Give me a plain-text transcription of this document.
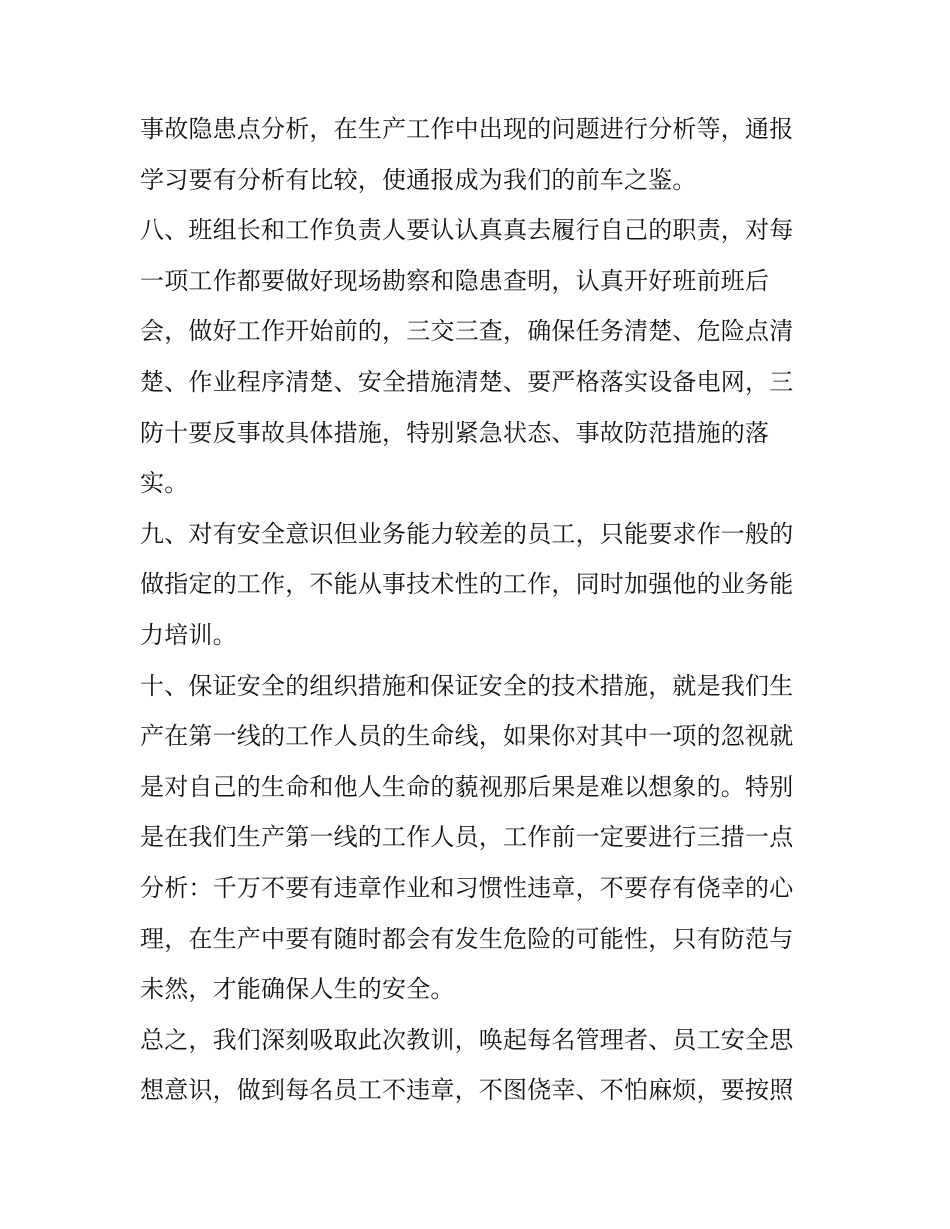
事故隐患点分析，在生产工作中出现的问题进行分析等，通报
学习要有分析有比较，使通报成为我们的前车之鉴。
八、班组长和工作负责人要认认真真去履行自己的职责，对每
一项工作都要做好现场勘察和隐患查明，认真开好班前班后
会，做好工作开始前的，三交三查，确保任务清楚、危险点清
楚、作业程序清楚、安全措施清楚、要严格落实设备电网，三
防十要反事故具体措施，特别紧急状态、事故防范措施的落
实。
九、对有安全意识但业务能力较差的员工，只能要求作一般的
做指定的工作，不能从事技术性的工作，同时加强他的业务能
力培训。
十、保证安全的组织措施和保证安全的技术措施，就是我们生
产在第一线的工作人员的生命线，如果你对其中一项的忽视就
是对自己的生命和他人生命的藐视那后果是难以想象的。特别
是在我们生产第一线的工作人员，工作前一定要进行三措一点
分析：千万不要有违章作业和习惯性违章，不要存有侥幸的心
理，在生产中要有随时都会有发生危险的可能性，只有防范与
未然，才能确保人生的安全。
总之，我们深刻吸取此次教训，唤起每名管理者、员工安全思
想意识，做到每名员工不违章，不图侥幸、不怕麻烦，要按照
